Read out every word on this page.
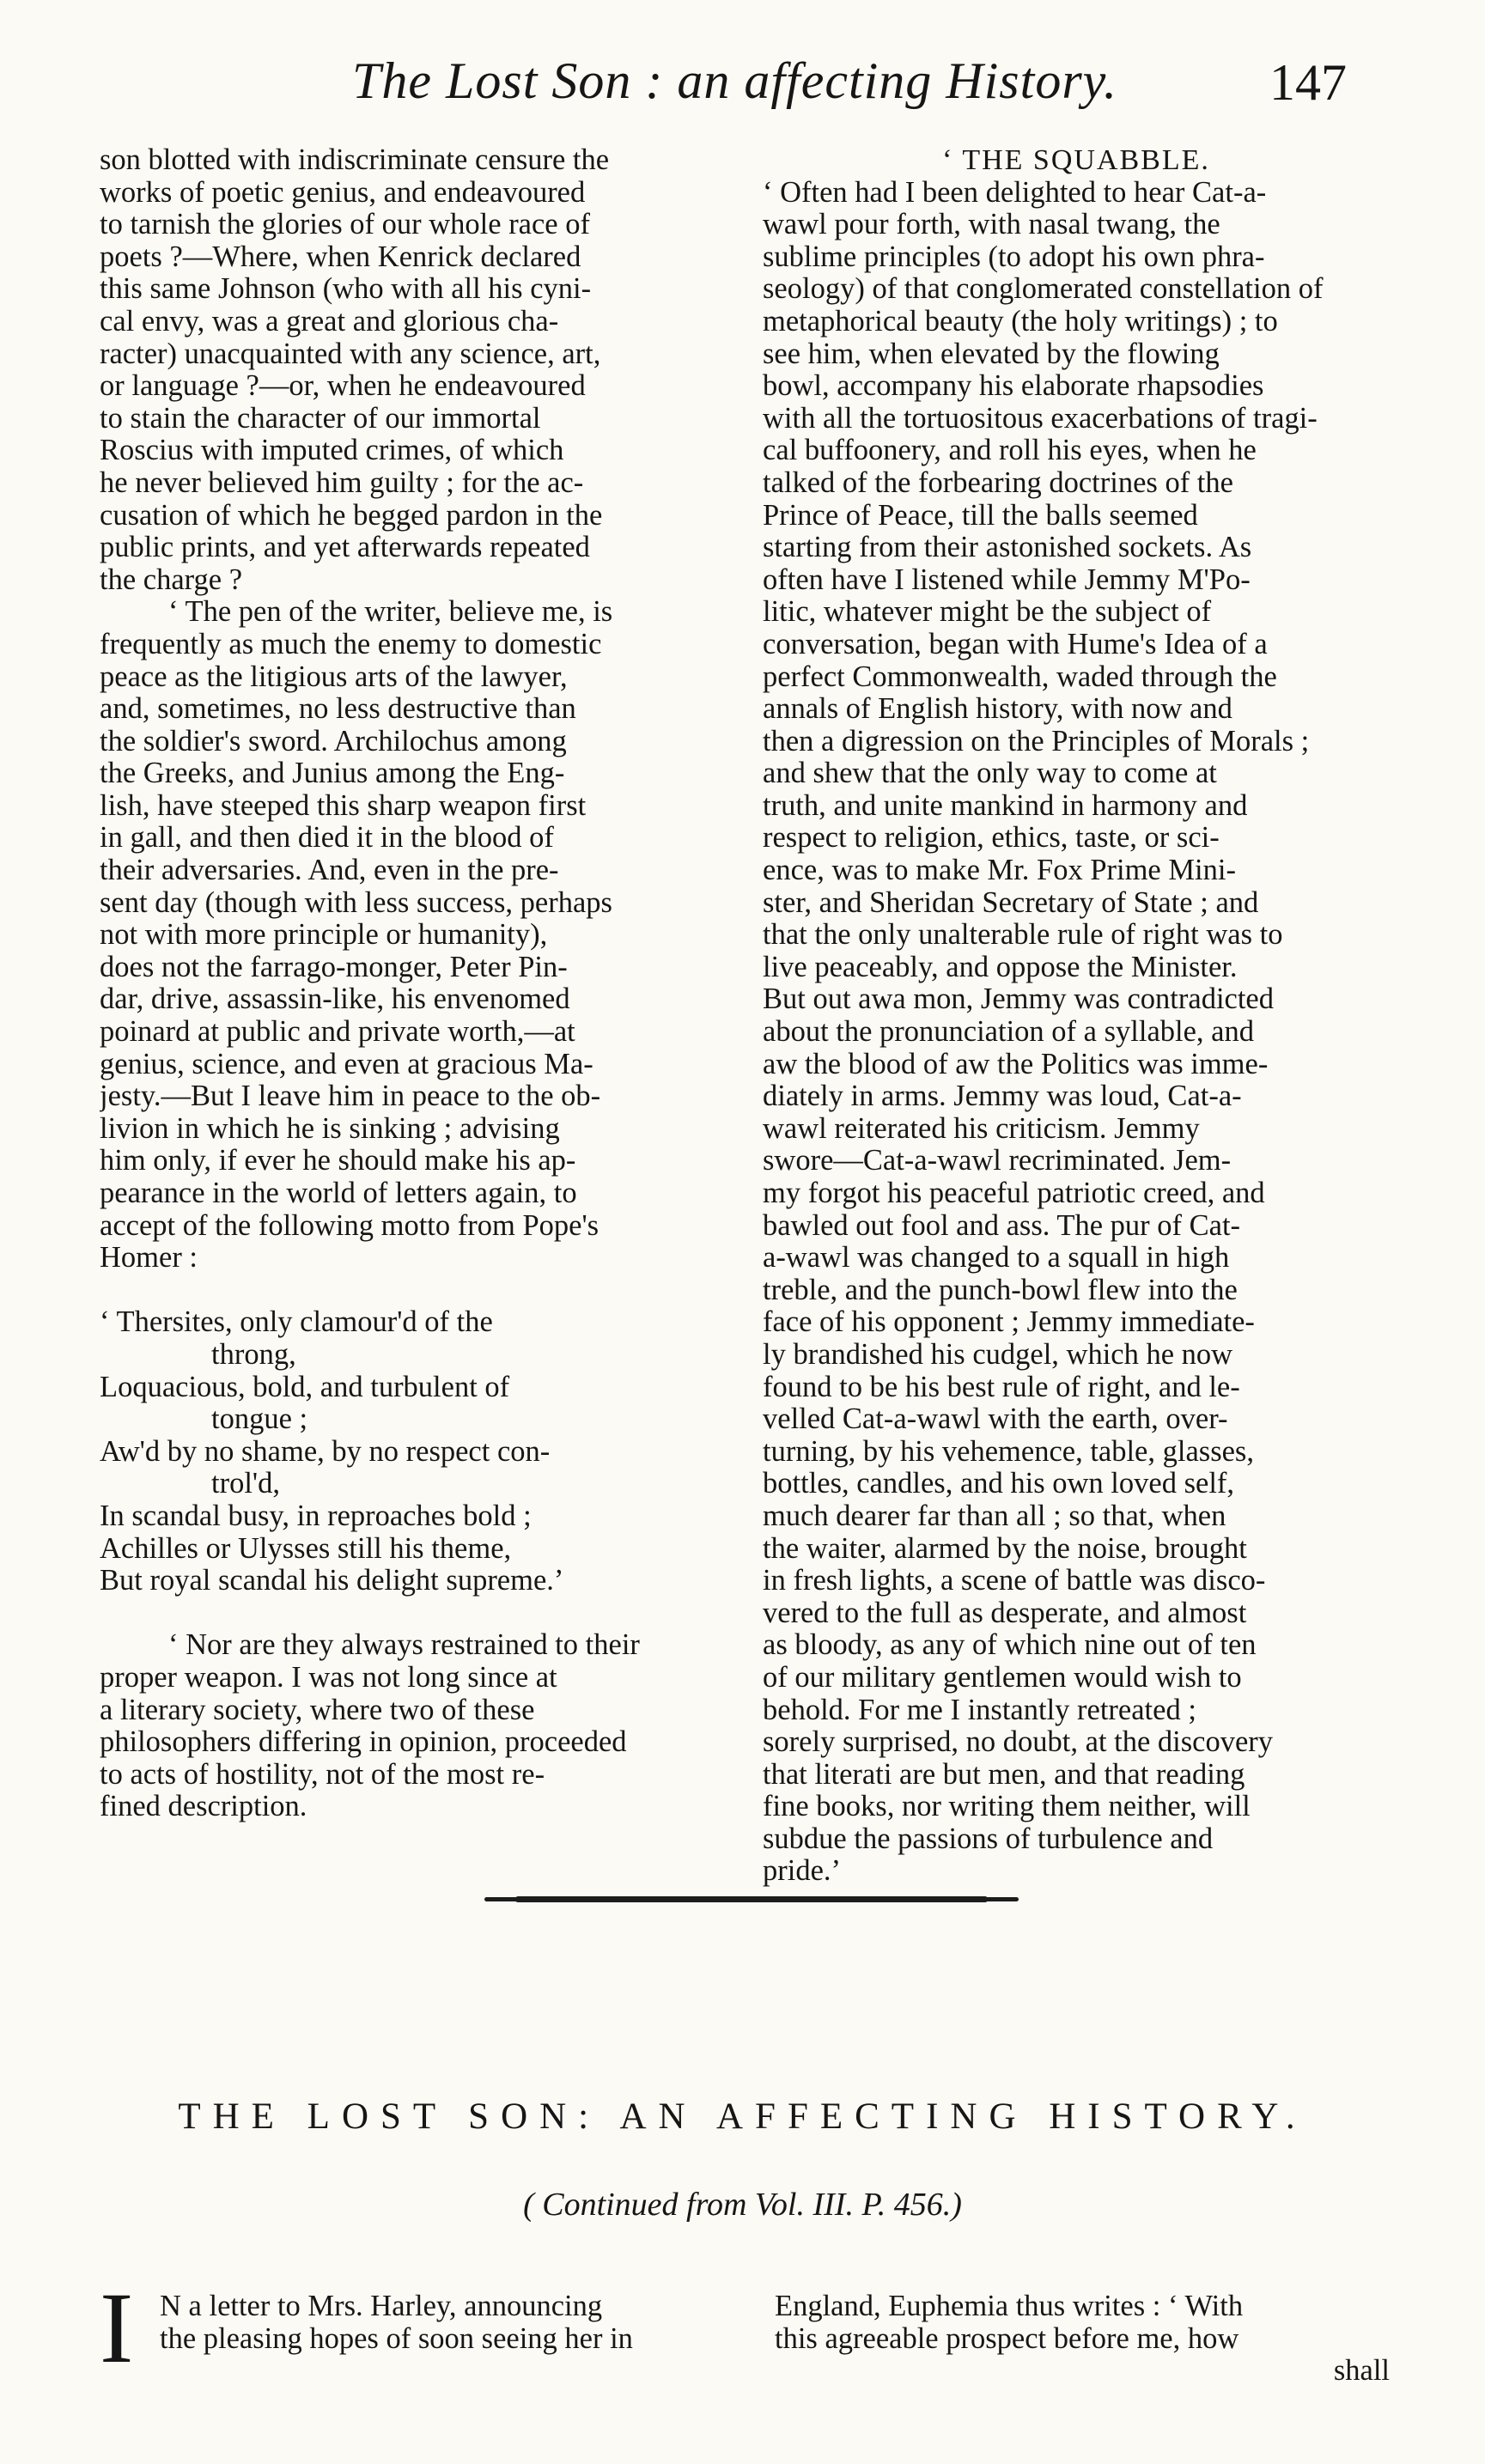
The Lost Son : an affecting History.	147
son blotted with indiscriminate censure the
works of poetic genius, and endeavoured
to tarnish the glories of our whole race of
poets ?—Where, when Kenrick declared
this same Johnson (who with all his cyni-
cal envy, was a great and glorious cha-
racter) unacquainted with any science, art,
or language ?—or, when he endeavoured
to stain the character of our immortal
Roscius with imputed crimes, of which
he never believed him guilty ; for the ac-
cusation of which he begged pardon in the
public prints, and yet afterwards repeated
the charge ?
‘ The pen of the writer, believe me, is
frequently as much the enemy to domestic
peace as the litigious arts of the lawyer,
and, sometimes, no less destructive than
the soldier's sword. Archilochus among
the Greeks, and Junius among the Eng-
lish, have steeped this sharp weapon first
in gall, and then died it in the blood of
their adversaries. And, even in the pre-
sent day (though with less success, perhaps
not with more principle or humanity),
does not the farrago-monger, Peter Pin-
dar, drive, assassin-like, his envenomed
poinard at public and private worth,—at
genius, science, and even at gracious Ma-
jesty.—But I leave him in peace to the ob-
livion in which he is sinking ; advising
him only, if ever he should make his ap-
pearance in the world of letters again, to
accept of the following motto from Pope's
Homer :
‘ Thersites, only clamour'd of the
throng,
Loquacious, bold, and turbulent of
tongue ;
Aw'd by no shame, by no respect con-
trol'd,
In scandal busy, in reproaches bold ;
Achilles or Ulysses still his theme,
But royal scandal his delight supreme.’
‘ Nor are they always restrained to their
proper weapon. I was not long since at
a literary society, where two of these
philosophers differing in opinion, proceeded
to acts of hostility, not of the most re-
fined description.
‘ THE SQUABBLE.
‘ Often had I been delighted to hear Cat-a-
wawl pour forth, with nasal twang, the
sublime principles (to adopt his own phra-
seology) of that conglomerated constellation of
metaphorical beauty (the holy writings) ; to
see him, when elevated by the flowing
bowl, accompany his elaborate rhapsodies
with all the tortuositous exacerbations of tragi-
cal buffoonery, and roll his eyes, when he
talked of the forbearing doctrines of the
Prince of Peace, till the balls seemed
starting from their astonished sockets. As
often have I listened while Jemmy M'Po-
litic, whatever might be the subject of
conversation, began with Hume's Idea of a
perfect Commonwealth, waded through the
annals of English history, with now and
then a digression on the Principles of Morals ;
and shew that the only way to come at
truth, and unite mankind in harmony and
respect to religion, ethics, taste, or sci-
ence, was to make Mr. Fox Prime Mini-
ster, and Sheridan Secretary of State ; and
that the only unalterable rule of right was to
live peaceably, and oppose the Minister.
But out awa mon, Jemmy was contradicted
about the pronunciation of a syllable, and
aw the blood of aw the Politics was imme-
diately in arms. Jemmy was loud, Cat-a-
wawl reiterated his criticism. Jemmy
swore—Cat-a-wawl recriminated. Jem-
my forgot his peaceful patriotic creed, and
bawled out fool and ass. The pur of Cat-
a-wawl was changed to a squall in high
treble, and the punch-bowl flew into the
face of his opponent ; Jemmy immediate-
ly brandished his cudgel, which he now
found to be his best rule of right, and le-
velled Cat-a-wawl with the earth, over-
turning, by his vehemence, table, glasses,
bottles, candles, and his own loved self,
much dearer far than all ; so that, when
the waiter, alarmed by the noise, brought
in fresh lights, a scene of battle was disco-
vered to the full as desperate, and almost
as bloody, as any of which nine out of ten
of our military gentlemen would wish to
behold. For me I instantly retreated ;
sorely surprised, no doubt, at the discovery
that literati are but men, and that reading
fine books, nor writing them neither, will
subdue the passions of turbulence and
pride.’
THE LOST SON: AN AFFECTING HISTORY.
( Continued from Vol. III. P. 456.)
I N a letter to Mrs. Harley, announcing
the pleasing hopes of soon seeing her in
England, Euphemia thus writes : ‘ With
this agreeable prospect before me, how
shall
